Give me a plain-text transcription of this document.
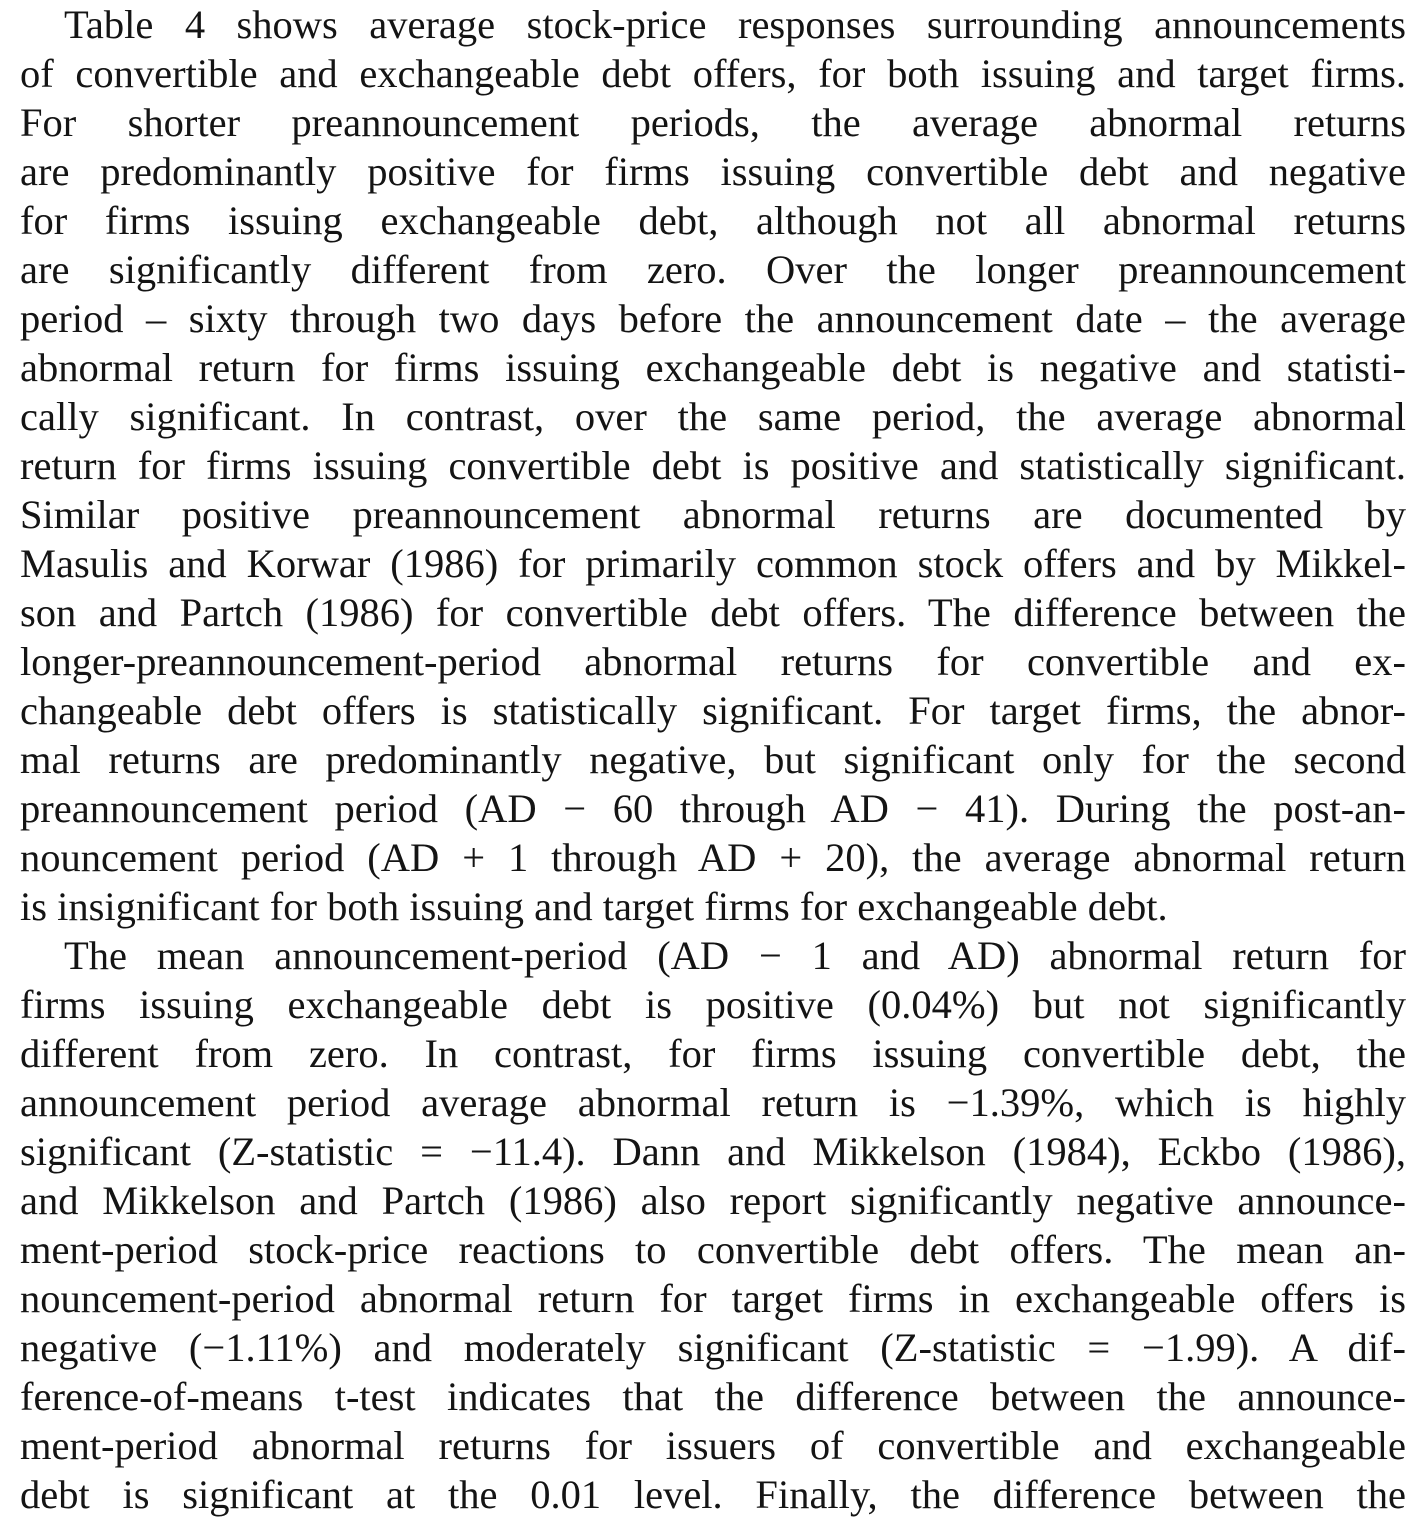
Table 4 shows average stock-price responses surrounding announcements
of convertible and exchangeable debt offers, for both issuing and target firms.
For shorter preannouncement periods, the average abnormal returns
are predominantly positive for firms issuing convertible debt and negative
for firms issuing exchangeable debt, although not all abnormal returns
are significantly different from zero. Over the longer preannouncement
period – sixty through two days before the announcement date – the average
abnormal return for firms issuing exchangeable debt is negative and statisti-
cally significant. In contrast, over the same period, the average abnormal
return for firms issuing convertible debt is positive and statistically significant.
Similar positive preannouncement abnormal returns are documented by
Masulis and Korwar (1986) for primarily common stock offers and by Mikkel-
son and Partch (1986) for convertible debt offers. The difference between the
longer-preannouncement-period abnormal returns for convertible and ex-
changeable debt offers is statistically significant. For target firms, the abnor-
mal returns are predominantly negative, but significant only for the second
preannouncement period (AD − 60 through AD − 41). During the post-an-
nouncement period (AD + 1 through AD + 20), the average abnormal return
is insignificant for both issuing and target firms for exchangeable debt.
The mean announcement-period (AD − 1 and AD) abnormal return for
firms issuing exchangeable debt is positive (0.04%) but not significantly
different from zero. In contrast, for firms issuing convertible debt, the
announcement period average abnormal return is −1.39%, which is highly
significant (Z-statistic = −11.4). Dann and Mikkelson (1984), Eckbo (1986),
and Mikkelson and Partch (1986) also report significantly negative announce-
ment-period stock-price reactions to convertible debt offers. The mean an-
nouncement-period abnormal return for target firms in exchangeable offers is
negative (−1.11%) and moderately significant (Z-statistic = −1.99). A dif-
ference-of-means t-test indicates that the difference between the announce-
ment-period abnormal returns for issuers of convertible and exchangeable
debt is significant at the 0.01 level. Finally, the difference between the
